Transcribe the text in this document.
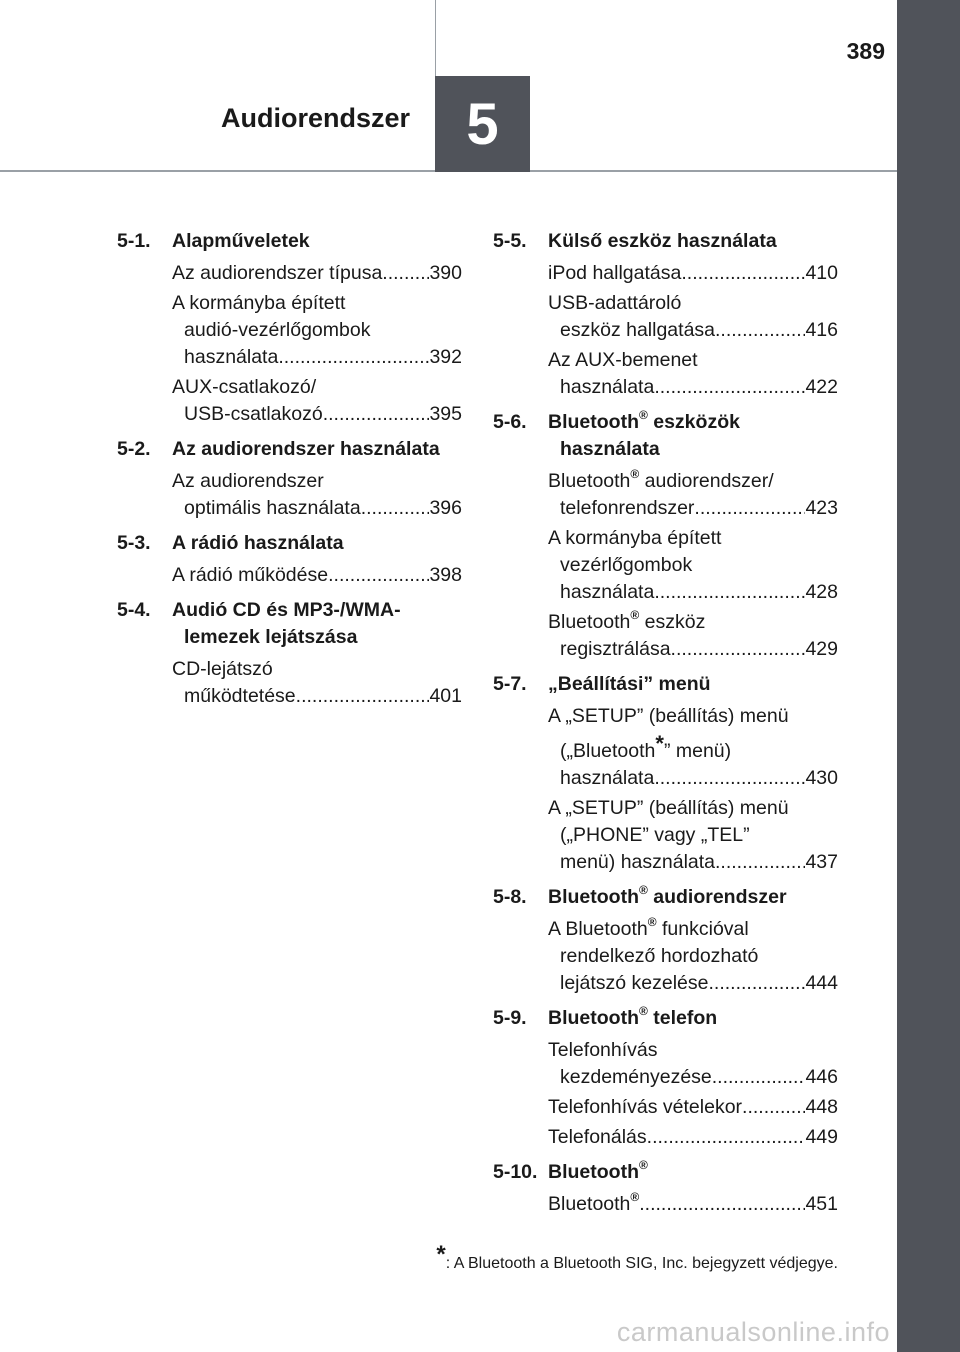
389
Audiorendszer 5
5-1.	Alapműveletek
Az audiorendszer típusa ..... 390
A kormányba épített
audió-vezérlőgombok
használata .....	392
AUX-csatlakozó/
USB-csatlakozó .....	395
5-2.	Az audiorendszer használata
Az audiorendszer
optimális használata .....	396
5-3.	A rádió használata
A rádió működése .....	398
5-4.	Audió CD és MP3-/WMA-
lemezek lejátszása
CD-lejátszó
működtetése .....	401
5-5.	Külső eszköz használata
iPod hallgatása .....	410
USB-adattároló
eszköz hallgatása .....	416
Az AUX-bemenet
használata .....	422
5-6.	Bluetooth® eszközök
használata
Bluetooth® audiorendszer/
telefonrendszer .....	423
A kormányba épített
vezérlőgombok
használata .....	428
Bluetooth® eszköz
regisztrálása .....	429
5-7.	„Beállítási” menü
A „SETUP” (beállítás) menü
(„Bluetooth*” menü)
használata .....	430
A „SETUP” (beállítás) menü
(„PHONE” vagy „TEL”
menü) használata .....	437
5-8.	Bluetooth® audiorendszer
A Bluetooth® funkcióval
rendelkező hordozható
lejátszó kezelése .....	444
5-9.	Bluetooth® telefon
Telefonhívás
kezdeményezése .....	446
Telefonhívás vételekor .....	448
Telefonálás .....	449
5-10. Bluetooth®
Bluetooth® .....	451
*: A Bluetooth a Bluetooth SIG, Inc. bejegyzett védjegye.
carmanualsonline.info
